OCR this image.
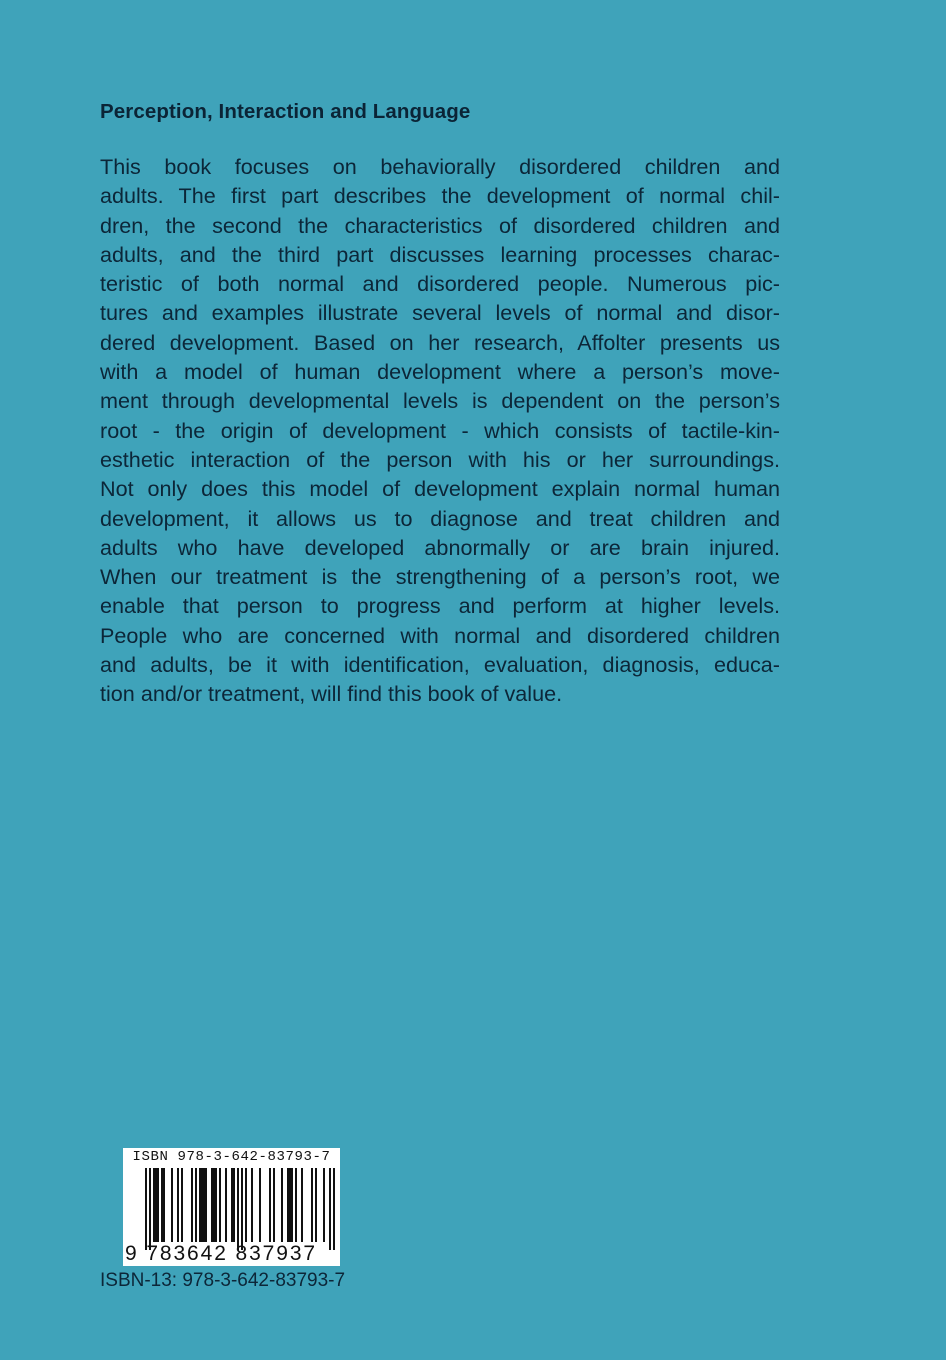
Perception, Interaction and Language
This book focuses on behaviorally disordered children and
adults. The first part describes the development of normal chil-
dren, the second the characteristics of disordered children and
adults, and the third part discusses learning processes charac-
teristic of both normal and disordered people. Numerous pic-
tures and examples illustrate several levels of normal and disor-
dered development. Based on her research, Affolter presents us
with a model of human development where a person’s move-
ment through developmental levels is dependent on the person’s
root - the origin of development - which consists of tactile-kin-
esthetic interaction of the person with his or her surroundings.
Not only does this model of development explain normal human
development, it allows us to diagnose and treat children and
adults who have developed abnormally or are brain injured.
When our treatment is the strengthening of a person’s root, we
enable that person to progress and perform at higher levels.
People who are concerned with normal and disordered children
and adults, be it with identification, evaluation, diagnosis, educa-
tion and/or treatment, will find this book of value.
ISBN 978-3-642-83793-7
9 783642 837937
ISBN-13: 978-3-642-83793-7
